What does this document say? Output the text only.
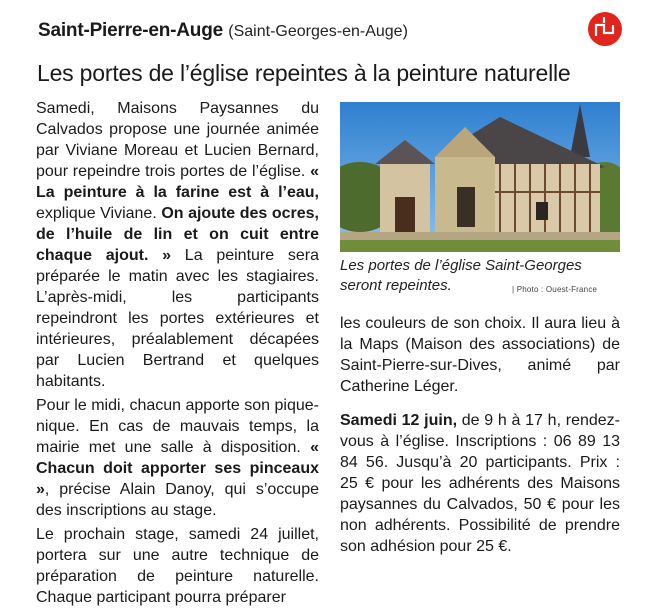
Saint-Pierre-en-Auge (Saint-Georges-en-Auge)
Les portes de l’église repeintes à la peinture naturelle

Samedi, Maisons Paysannes du Calvados propose une journée animée par Viviane Moreau et Lucien Bernard, pour repeindre trois portes de l’église. « La peinture à la farine est à l’eau, explique Viviane. On ajoute des ocres, de l’huile de lin et on cuit entre chaque ajout. » La peinture sera préparée le matin avec les stagiaires. L’après-midi, les participants repeindront les portes extérieures et intérieures, préalablement décapées par Lucien Bertrand et quelques habitants.

Pour le midi, chacun apporte son pique-nique. En cas de mauvais temps, la mairie met une salle à disposition. « Chacun doit apporter ses pinceaux », précise Alain Danoy, qui s’occupe des inscriptions au stage.

Le prochain stage, samedi 24 juillet, portera sur une autre technique de préparation de peinture naturelle. Chaque participant pourra préparer

Les portes de l’église Saint-Georges seront repeintes.	| Photo : Ouest-France

les couleurs de son choix. Il aura lieu à la Maps (Maison des associations) de Saint-Pierre-sur-Dives, animé par Catherine Léger.

Samedi 12 juin, de 9 h à 17 h, rendez-vous à l’église. Inscriptions : 06 89 13 84 56. Jusqu’à 20 participants. Prix : 25 € pour les adhérents des Maisons paysannes du Calvados, 50 € pour les non adhérents. Possibilité de prendre son adhésion pour 25 €.
